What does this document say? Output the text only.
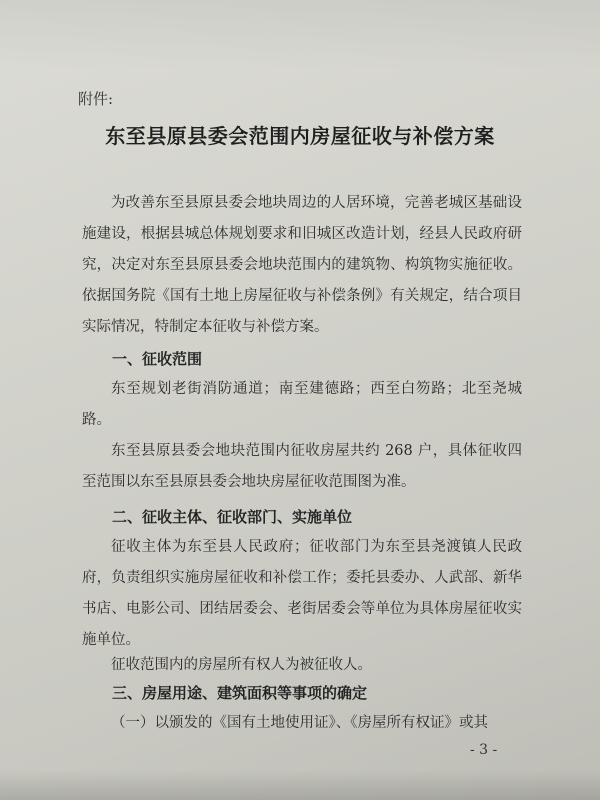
附件:
东至县原县委会范围内房屋征收与补偿方案
为改善东至县原县委会地块周边的人居环境，完善老城区基础设施建设，根据县城总体规划要求和旧城区改造计划，经县人民政府研究，决定对东至县原县委会地块范围内的建筑物、构筑物实施征收。依据国务院《国有土地上房屋征收与补偿条例》有关规定，结合项目实际情况，特制定本征收与补偿方案。
一、征收范围
东至规划老街消防通道；南至建德路；西至白笏路；北至尧城路。
东至县原县委会地块范围内征收房屋共约 268 户，具体征收四至范围以东至县原县委会地块房屋征收范围图为准。
二、征收主体、征收部门、实施单位
征收主体为东至县人民政府；征收部门为东至县尧渡镇人民政府，负责组织实施房屋征收和补偿工作；委托县委办、人武部、新华书店、电影公司、团结居委会、老街居委会等单位为具体房屋征收实施单位。
征收范围内的房屋所有权人为被征收人。
三、房屋用途、建筑面积等事项的确定
（一）以颁发的《国有土地使用证》、《房屋所有权证》或其
- 3 -
